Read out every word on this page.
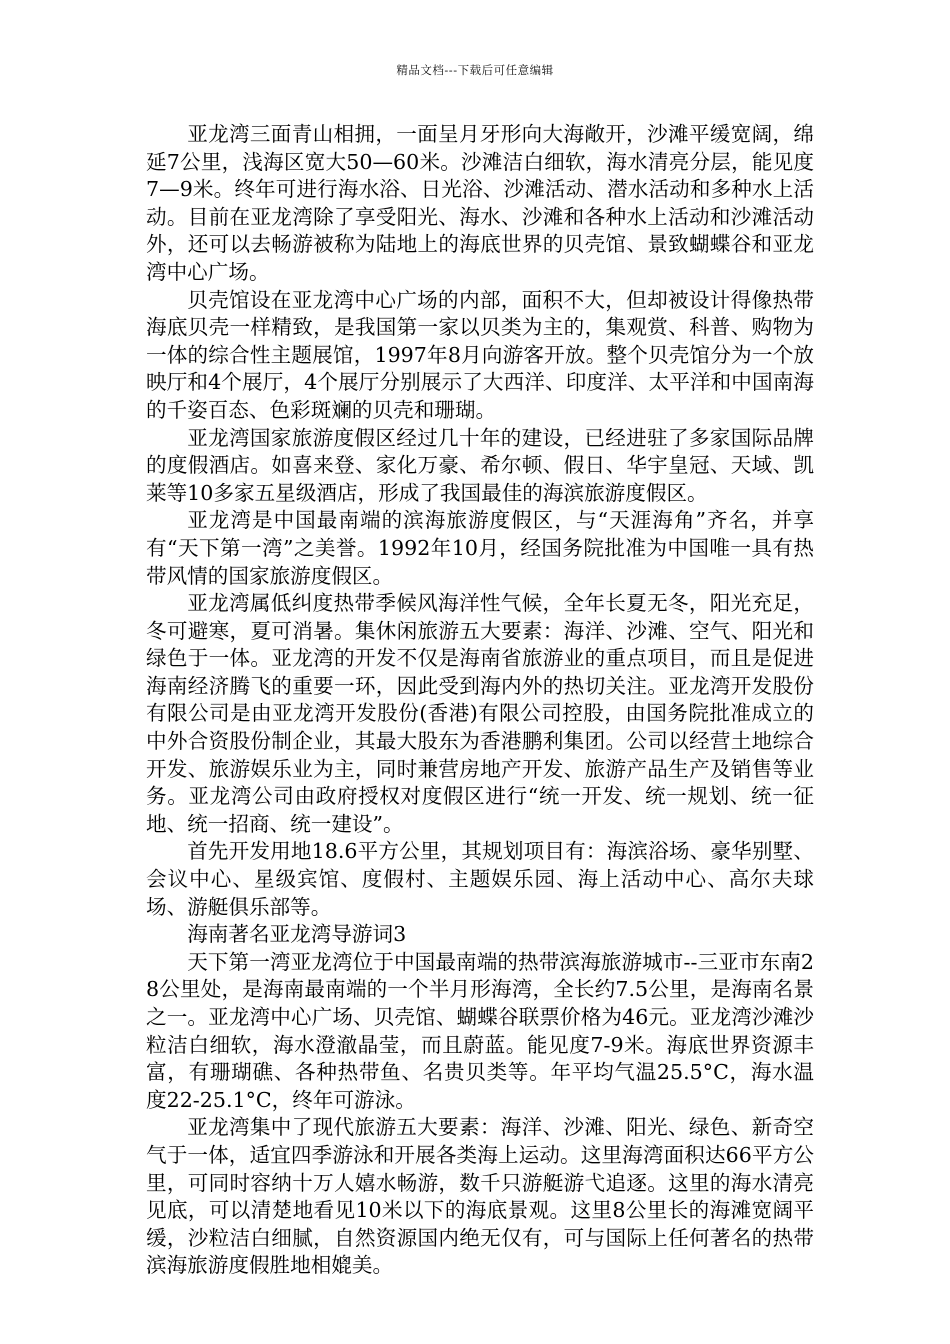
精品文档---下载后可任意编辑

亚龙湾三面青山相拥，一面呈月牙形向大海敞开，沙滩平缓宽阔，绵延7公里，浅海区宽大50—60米。沙滩洁白细软，海水清亮分层，能见度7—9米。终年可进行海水浴、日光浴、沙滩活动、潜水活动和多种水上活动。目前在亚龙湾除了享受阳光、海水、沙滩和各种水上活动和沙滩活动外，还可以去畅游被称为陆地上的海底世界的贝壳馆、景致蝴蝶谷和亚龙湾中心广场。

贝壳馆设在亚龙湾中心广场的内部，面积不大，但却被设计得像热带海底贝壳一样精致，是我国第一家以贝类为主的，集观赏、科普、购物为一体的综合性主题展馆，1997年8月向游客开放。整个贝壳馆分为一个放映厅和4个展厅，4个展厅分别展示了大西洋、印度洋、太平洋和中国南海的千姿百态、色彩斑斓的贝壳和珊瑚。

亚龙湾国家旅游度假区经过几十年的建设，已经进驻了多家国际品牌的度假酒店。如喜来登、家化万豪、希尔顿、假日、华宇皇冠、天域、凯莱等10多家五星级酒店，形成了我国最佳的海滨旅游度假区。

亚龙湾是中国最南端的滨海旅游度假区，与“天涯海角”齐名，并享有“天下第一湾”之美誉。1992年10月，经国务院批准为中国唯一具有热带风情的国家旅游度假区。

亚龙湾属低纠度热带季候风海洋性气候，全年长夏无冬，阳光充足，冬可避寒，夏可消暑。集休闲旅游五大要素：海洋、沙滩、空气、阳光和绿色于一体。亚龙湾的开发不仅是海南省旅游业的重点项目，而且是促进海南经济腾飞的重要一环，因此受到海内外的热切关注。亚龙湾开发股份有限公司是由亚龙湾开发股份(香港)有限公司控股，由国务院批准成立的中外合资股份制企业，其最大股东为香港鹏利集团。公司以经营土地综合开发、旅游娱乐业为主，同时兼营房地产开发、旅游产品生产及销售等业务。亚龙湾公司由政府授权对度假区进行“统一开发、统一规划、统一征地、统一招商、统一建设”。

首先开发用地18.6平方公里，其规划项目有：海滨浴场、豪华别墅、会议中心、星级宾馆、度假村、主题娱乐园、海上活动中心、高尔夫球场、游艇俱乐部等。

海南著名亚龙湾导游词3

天下第一湾亚龙湾位于中国最南端的热带滨海旅游城市--三亚市东南28公里处，是海南最南端的一个半月形海湾，全长约7.5公里，是海南名景之一。亚龙湾中心广场、贝壳馆、蝴蝶谷联票价格为46元。亚龙湾沙滩沙粒洁白细软，海水澄澈晶莹，而且蔚蓝。能见度7-9米。海底世界资源丰富，有珊瑚礁、各种热带鱼、名贵贝类等。年平均气温25.5°C，海水温度22-25.1°C，终年可游泳。

亚龙湾集中了现代旅游五大要素：海洋、沙滩、阳光、绿色、新奇空气于一体，适宜四季游泳和开展各类海上运动。这里海湾面积达66平方公里，可同时容纳十万人嬉水畅游，数千只游艇游弋追逐。这里的海水清亮见底，可以清楚地看见10米以下的海底景观。这里8公里长的海滩宽阔平缓，沙粒洁白细腻，自然资源国内绝无仅有，可与国际上任何著名的热带滨海旅游度假胜地相媲美。
